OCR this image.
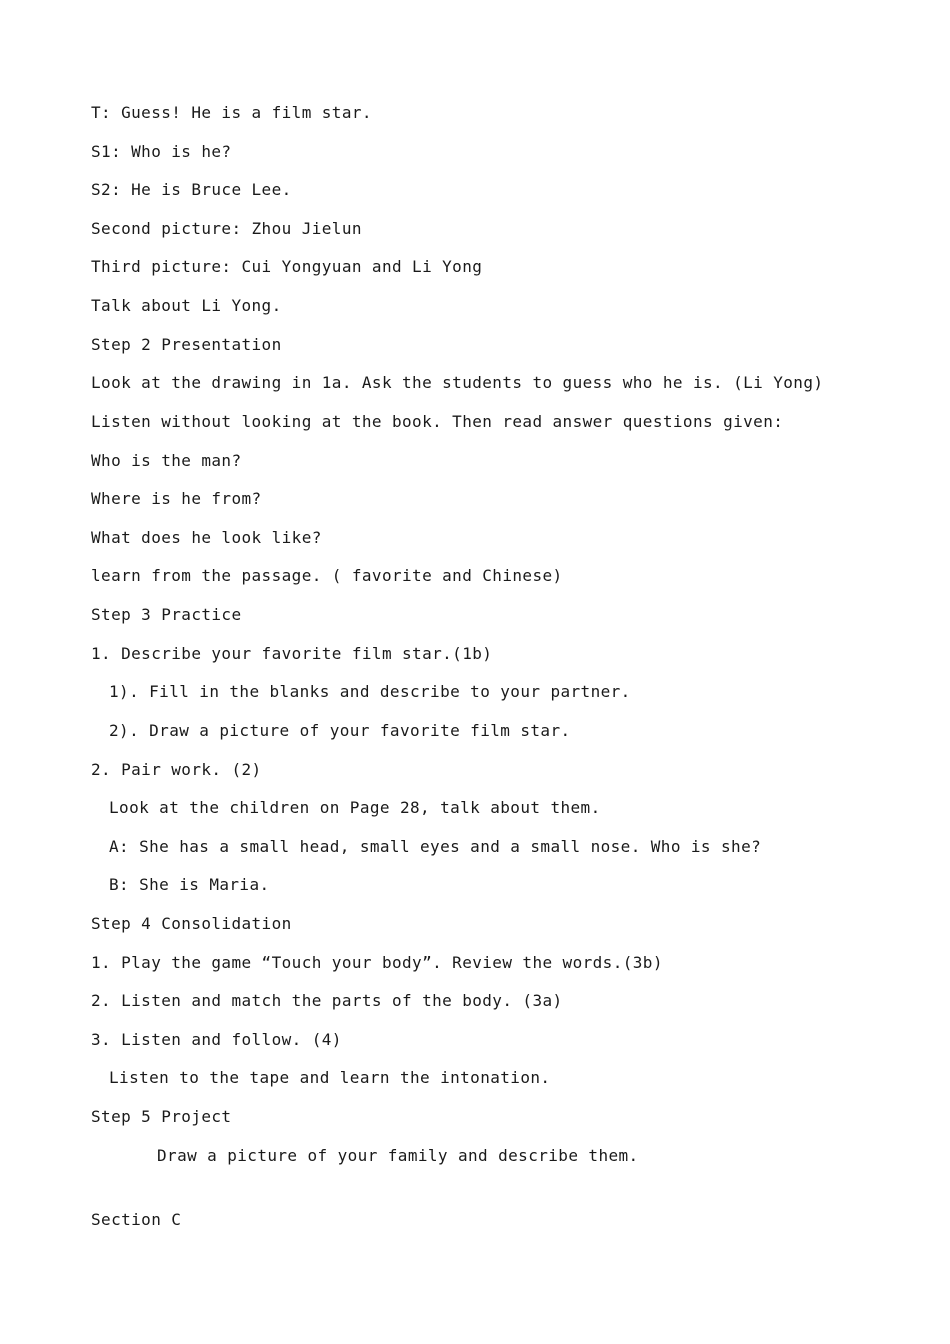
T: Guess! He is a film star.
S1: Who is he?
S2: He is Bruce Lee.
Second picture: Zhou Jielun
Third picture: Cui Yongyuan and Li Yong
Talk about Li Yong.
Step 2 Presentation
Look at the drawing in 1a. Ask the students to guess who he is. (Li Yong)
Listen without looking at the book. Then read answer questions given:
Who is the man?
Where is he from?
What does he look like?
learn from the passage. ( favorite and Chinese)
Step 3 Practice
1. Describe your favorite film star.(1b)
1). Fill in the blanks and describe to your partner.
2). Draw a picture of your favorite film star.
2. Pair work. (2)
Look at the children on Page 28, talk about them.
A: She has a small head, small eyes and a small nose. Who is she?
B: She is Maria.
Step 4 Consolidation
1. Play the game “Touch your body”. Review the words.(3b)
2. Listen and match the parts of the body. (3a)
3. Listen and follow. (4)
Listen to the tape and learn the intonation.
Step 5 Project
Draw a picture of your family and describe them.
Section C
